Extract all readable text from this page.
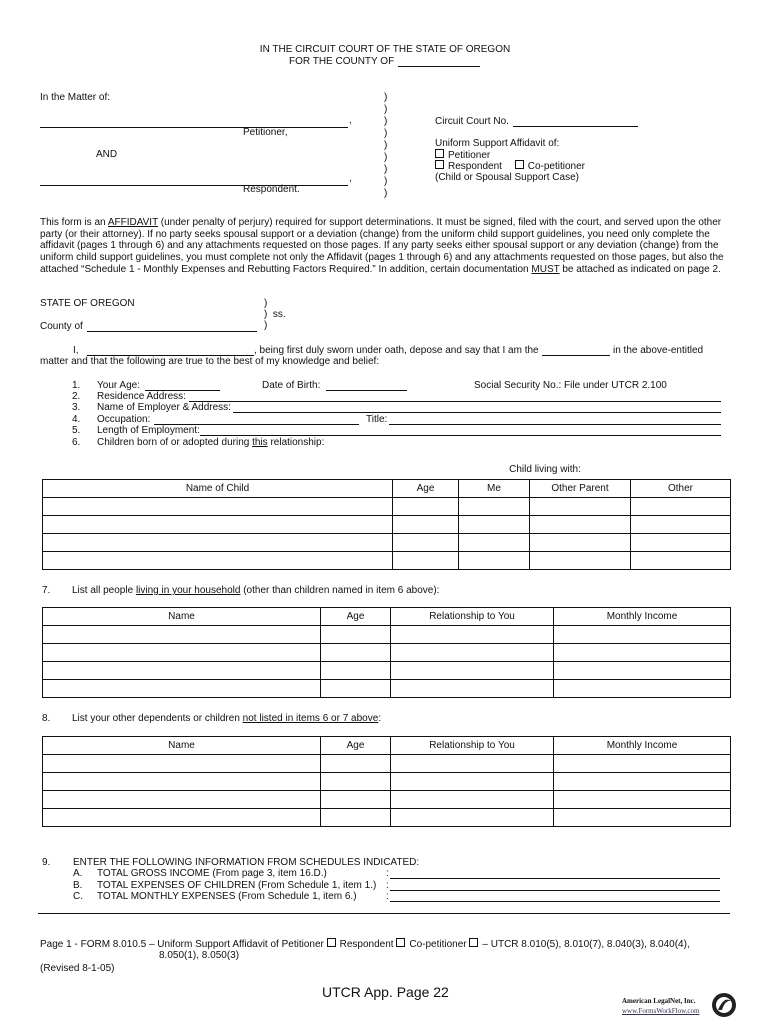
IN THE CIRCUIT COURT OF THE STATE OF OREGON
FOR THE COUNTY OF
In the Matter of:
,
Petitioner,
AND
,
Respondent.
)
)
)
)
)
)
)
)
)
Circuit Court No.
Uniform Support Affidavit of:
Petitioner
Respondent	Co-petitioner
(Child or Spousal Support Case)
This form is an AFFIDAVIT (under penalty of perjury) required for support determinations. It must be signed, filed with the court, and served upon the other party (or their attorney). If no party seeks spousal support or a deviation (change) from the uniform child support guidelines, you need only complete the affidavit (pages 1 through 6) and any attachments requested on those pages. If any party seeks either spousal support or any deviation (change) from the uniform child support guidelines, you must complete not only the Affidavit (pages 1 through 6) and any attachments requested on those pages, but also the attached “Schedule 1 - Monthly Expenses and Rebutting Factors Required.” In addition, certain documentation MUST be attached as indicated on page 2.
STATE OF OREGON	)
)  ss.
)
County of
I,	, being first duly sworn under oath, depose and say that I am the	in the above-entitled
matter and that the following are true to the best of my knowledge and belief:
1. Your Age:	Date of Birth:	Social Security No.: File under UTCR 2.100
2. Residence Address:
3. Name of Employer & Address:
4. Occupation:	Title:
5. Length of Employment:
6. Children born of or adopted during this relationship:
Child living with:
Name of Child	Age	Me	Other Parent	Other

7. List all people living in your household (other than children named in item 6 above):
Name	Age	Relationship to You	Monthly Income

8. List your other dependents or children not listed in items 6 or 7 above:
Name	Age	Relationship to You	Monthly Income

9. ENTER THE FOLLOWING INFORMATION FROM SCHEDULES INDICATED:
A. TOTAL GROSS INCOME (From page 3, item 16.D.)	:
B. TOTAL EXPENSES OF CHILDREN (From Schedule 1, item 1.) :
C. TOTAL MONTHLY EXPENSES (From Schedule 1, item 6.)	:
Page 1 - FORM 8.010.5 – Uniform Support Affidavit of Petitioner Respondent Co-petitioner – UTCR 8.010(5), 8.010(7), 8.040(3), 8.040(4),
8.050(1), 8.050(3)
(Revised 8-1-05)
UTCR App. Page 22
American LegalNet, Inc.
www.FormsWorkFlow.com
